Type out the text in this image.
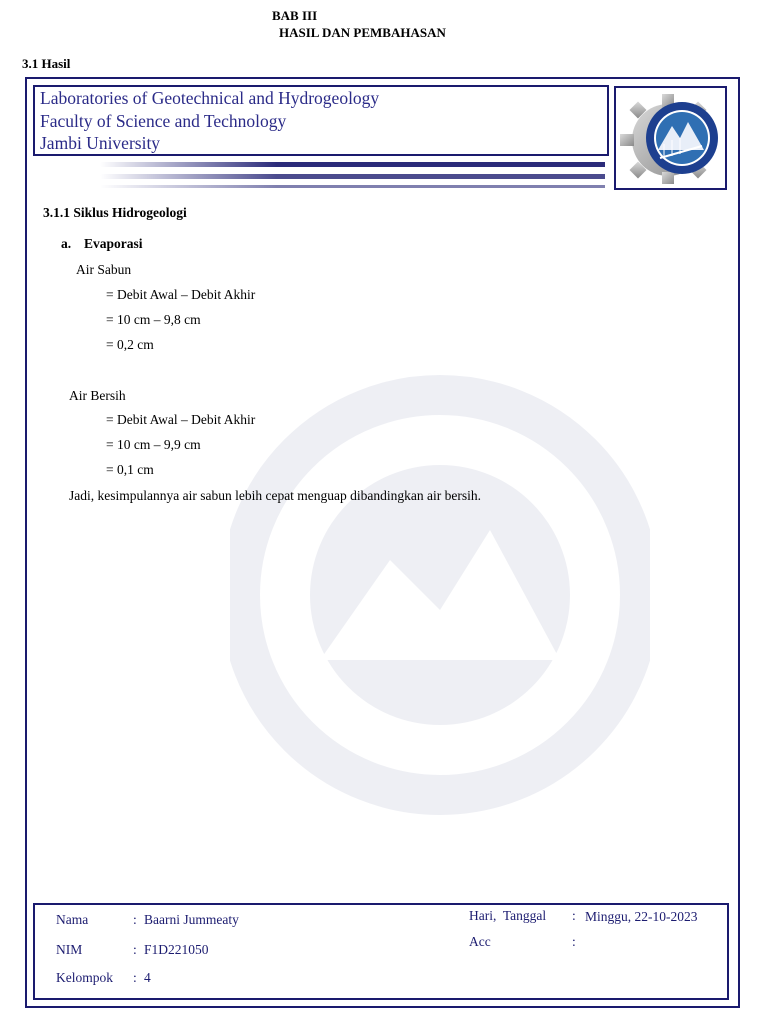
BAB III
HASIL DAN PEMBAHASAN
3.1 Hasil
Laboratories of Geotechnical and Hydrogeology
Faculty of Science and Technology
Jambi University
3.1.1 Siklus Hidrogeologi
a. Evaporasi
Air Sabun
= Debit Awal – Debit Akhir
= 10 cm – 9,8 cm
= 0,2 cm
Air Bersih
= Debit Awal – Debit Akhir
= 10 cm – 9,9 cm
= 0,1 cm
Jadi, kesimpulannya air sabun lebih cepat menguap dibandingkan air bersih.
Nama	: Baarni Jummeaty
NIM	: F1D221050
Kelompok : 4
Hari,  Tanggal : Minggu, 22-10-2023
Acc	:
